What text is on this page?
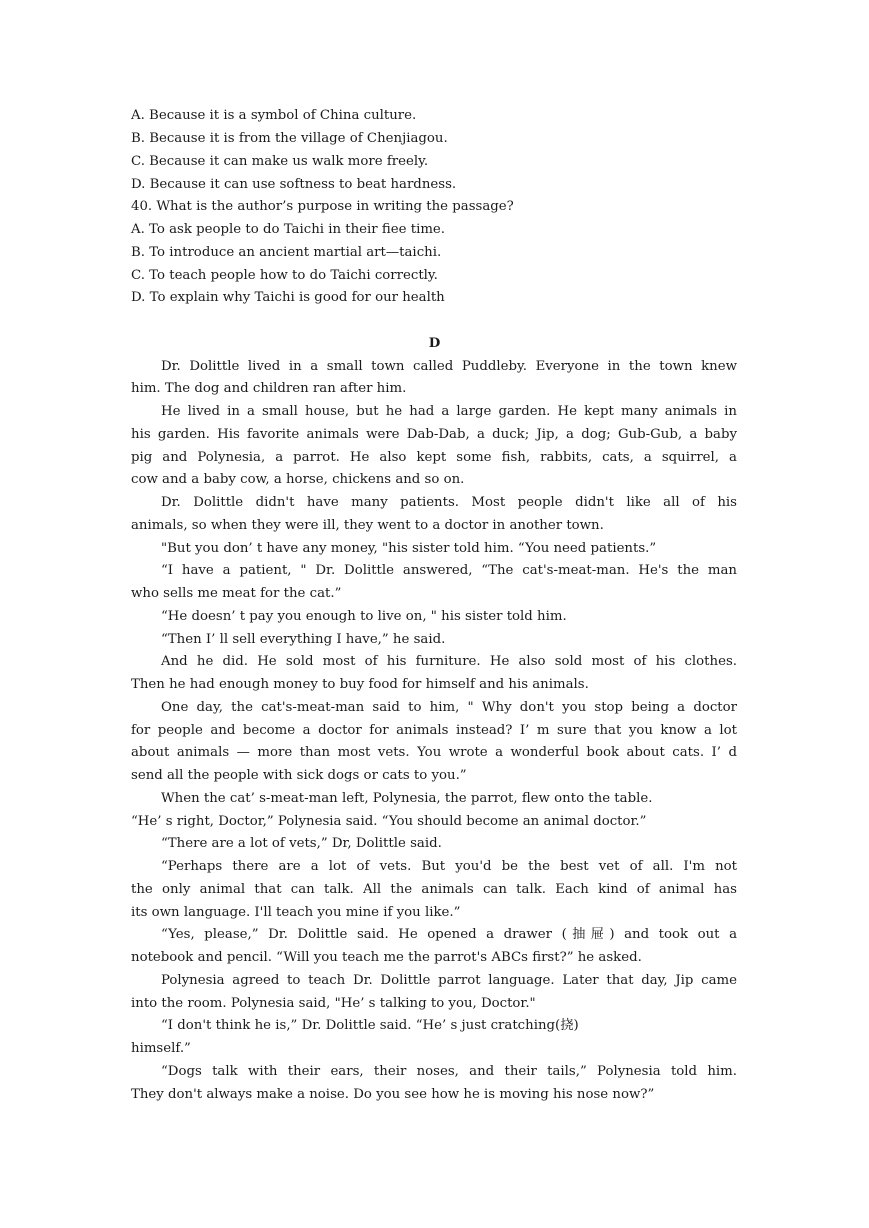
A. Because it is a symbol of China culture.
B. Because it is from the village of Chenjiagou.
C. Because it can make us walk more freely.
D. Because it can use softness to beat hardness.
40. What is the author’s purpose in writing the passage?
A. To ask people to do Taichi in their fiee time.
B. To introduce an ancient martial art—taichi.
C. To teach people how to do Taichi correctly.
D. To explain why Taichi is good for our health
D
Dr. Dolittle lived in a small town called Puddleby. Everyone in the town knew
him. The dog and children ran after him.
He lived in a small house, but he had a large garden. He kept many animals in
his garden. His favorite animals were Dab-Dab, a duck; Jip, a dog; Gub-Gub, a baby
pig and Polynesia, a parrot. He also kept some fish, rabbits, cats, a squirrel, a
cow and a baby cow, a horse, chickens and so on.
Dr. Dolittle didn't have many patients. Most people didn't like all of his
animals, so when they were ill, they went to a doctor in another town.
"But you don’ t have any money, "his sister told him. “You need patients.”
“I have a patient, " Dr. Dolittle answered, “The cat's-meat-man. He's the man
who sells me meat for the cat.”
“He doesn’ t pay you enough to live on, " his sister told him.
“Then I’ ll sell everything I have,” he said.
And he did. He sold most of his furniture. He also sold most of his clothes.
Then he had enough money to buy food for himself and his animals.
One day, the cat's-meat-man said to him, " Why don't you stop being a doctor
for people and become a doctor for animals instead? I’ m sure that you know a lot
about animals — more than most vets. You wrote a wonderful book about cats. I’ d
send all the people with sick dogs or cats to you.”
When the cat’ s-meat-man left, Polynesia, the parrot, flew onto the table.
“He’ s right, Doctor,” Polynesia said. “You should become an animal doctor.”
“There are a lot of vets,” Dr, Dolittle said.
“Perhaps there are a lot of vets. But you'd be the best vet of all. I'm not
the only animal that can talk. All the animals can talk. Each kind of animal has
its own language. I'll teach you mine if you like.”
“Yes, please,” Dr. Dolittle said. He opened a drawer (抽屉) and took out a
notebook and pencil. “Will you teach me the parrot's ABCs first?” he asked.
Polynesia agreed to teach Dr. Dolittle parrot language. Later that day, Jip came
into the room. Polynesia said, "He’ s talking to you, Doctor."
“I don't think he is,” Dr. Dolittle said. “He’ s just cratching(挠)
himself.”
“Dogs talk with their ears, their noses, and their tails,” Polynesia told him.
They don't always make a noise. Do you see how he is moving his nose now?”
